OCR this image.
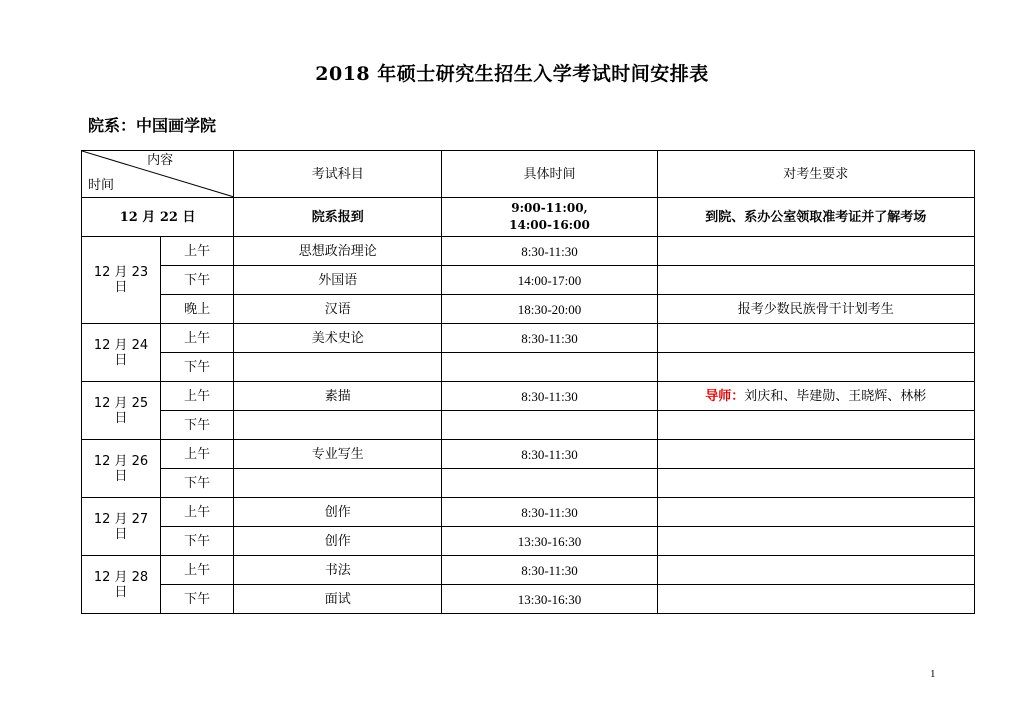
2018 年硕士研究生招生入学考试时间安排表
院系：中国画学院
内容
时间		考试科目	具体时间	对考生要求
12 月 22 日		院系报到	9:00-11:00,
14:00-16:00	到院、系办公室领取准考证并了解考场

12 月 23
日	上午	思想政治理论	8:30-11:30	
	下午	外国语	14:00-17:00	
	晚上	汉语	18:30-20:00	报考少数民族骨干计划考生

12 月 24
日	上午	美术史论	8:30-11:30	
	下午			

12 月 25
日	上午	素描	8:30-11:30	导师：刘庆和、毕建勋、王晓辉、林彬
	下午			

12 月 26
日	上午	专业写生	8:30-11:30	
	下午			

12 月 27
日	上午	创作	8:30-11:30	
	下午	创作	13:30-16:30	

12 月 28
日	上午	书法	8:30-11:30	
	下午	面试	13:30-16:30	
1
